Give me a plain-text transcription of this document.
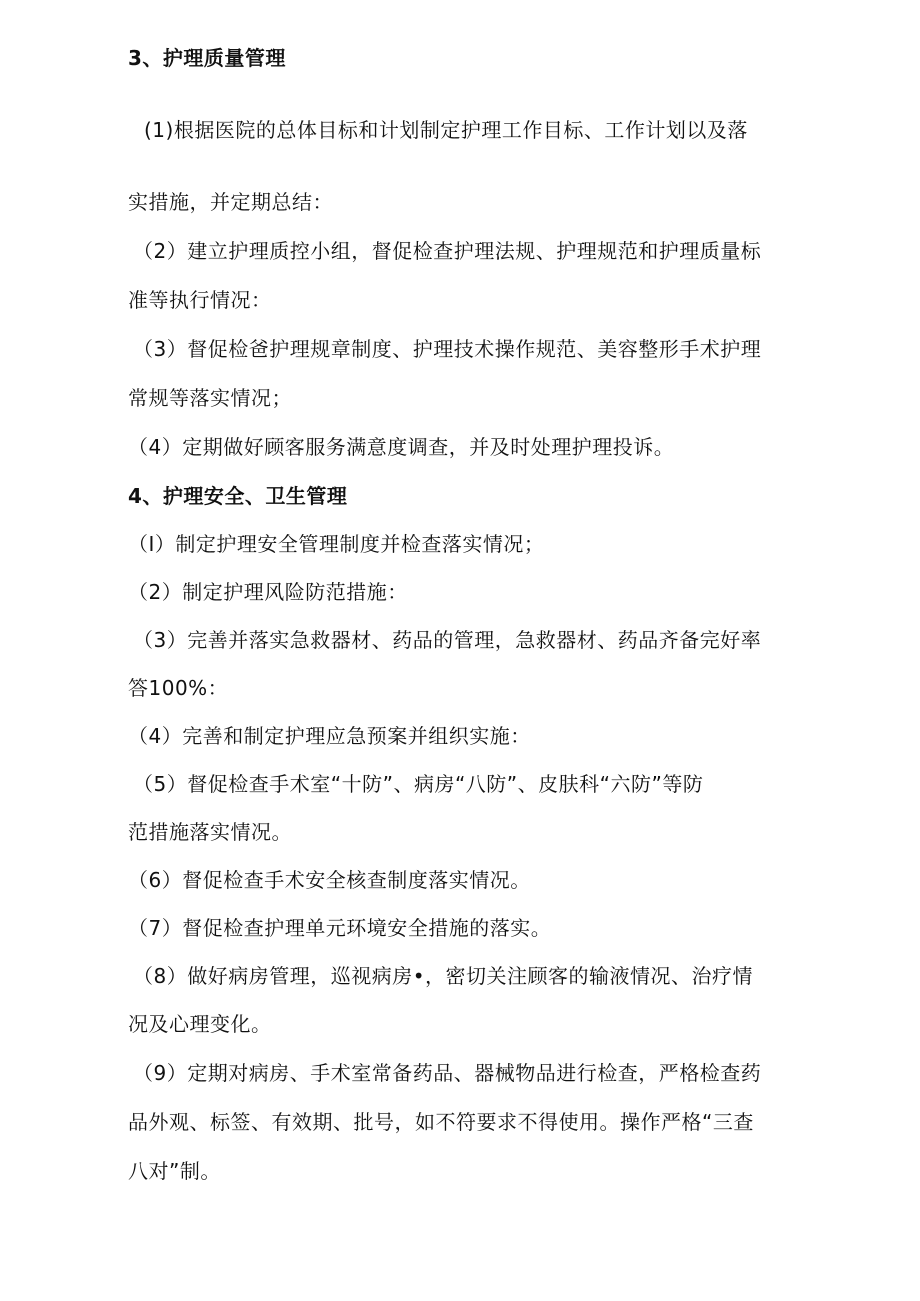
3、护理质量管理
(1)根据医院的总体目标和计划制定护理工作目标、工作计划以及落
实措施，并定期总结：
（2）建立护理质控小组，督促检查护理法规、护理规范和护理质量标
准等执行情况：
（3）督促检爸护理规章制度、护理技术操作规范、美容整形手术护理
常规等落实情况；
（4）定期做好顾客服务满意度调查，并及时处理护理投诉。
4、护理安全、卫生管理
（I）制定护理安全管理制度并检查落实情况；
（2）制定护理风险防范措施：
（3）完善并落实急救器材、药品的管理，急救器材、药品齐备完好率
答100%：
（4）完善和制定护理应急预案并组织实施：
（5）督促检查手术室“十防”、病房“八防”、皮肤科“六防”等防
范措施落实情况。
（6）督促检查手术安全核查制度落实情况。
（7）督促检查护理单元环境安全措施的落实。
（8）做好病房管理，巡视病房•，密切关注顾客的输液情况、治疗情
况及心理变化。
（9）定期对病房、手术室常备药品、器械物品进行检查，严格检查药
品外观、标签、有效期、批号，如不符要求不得使用。操作严格“三查
八对”制。
